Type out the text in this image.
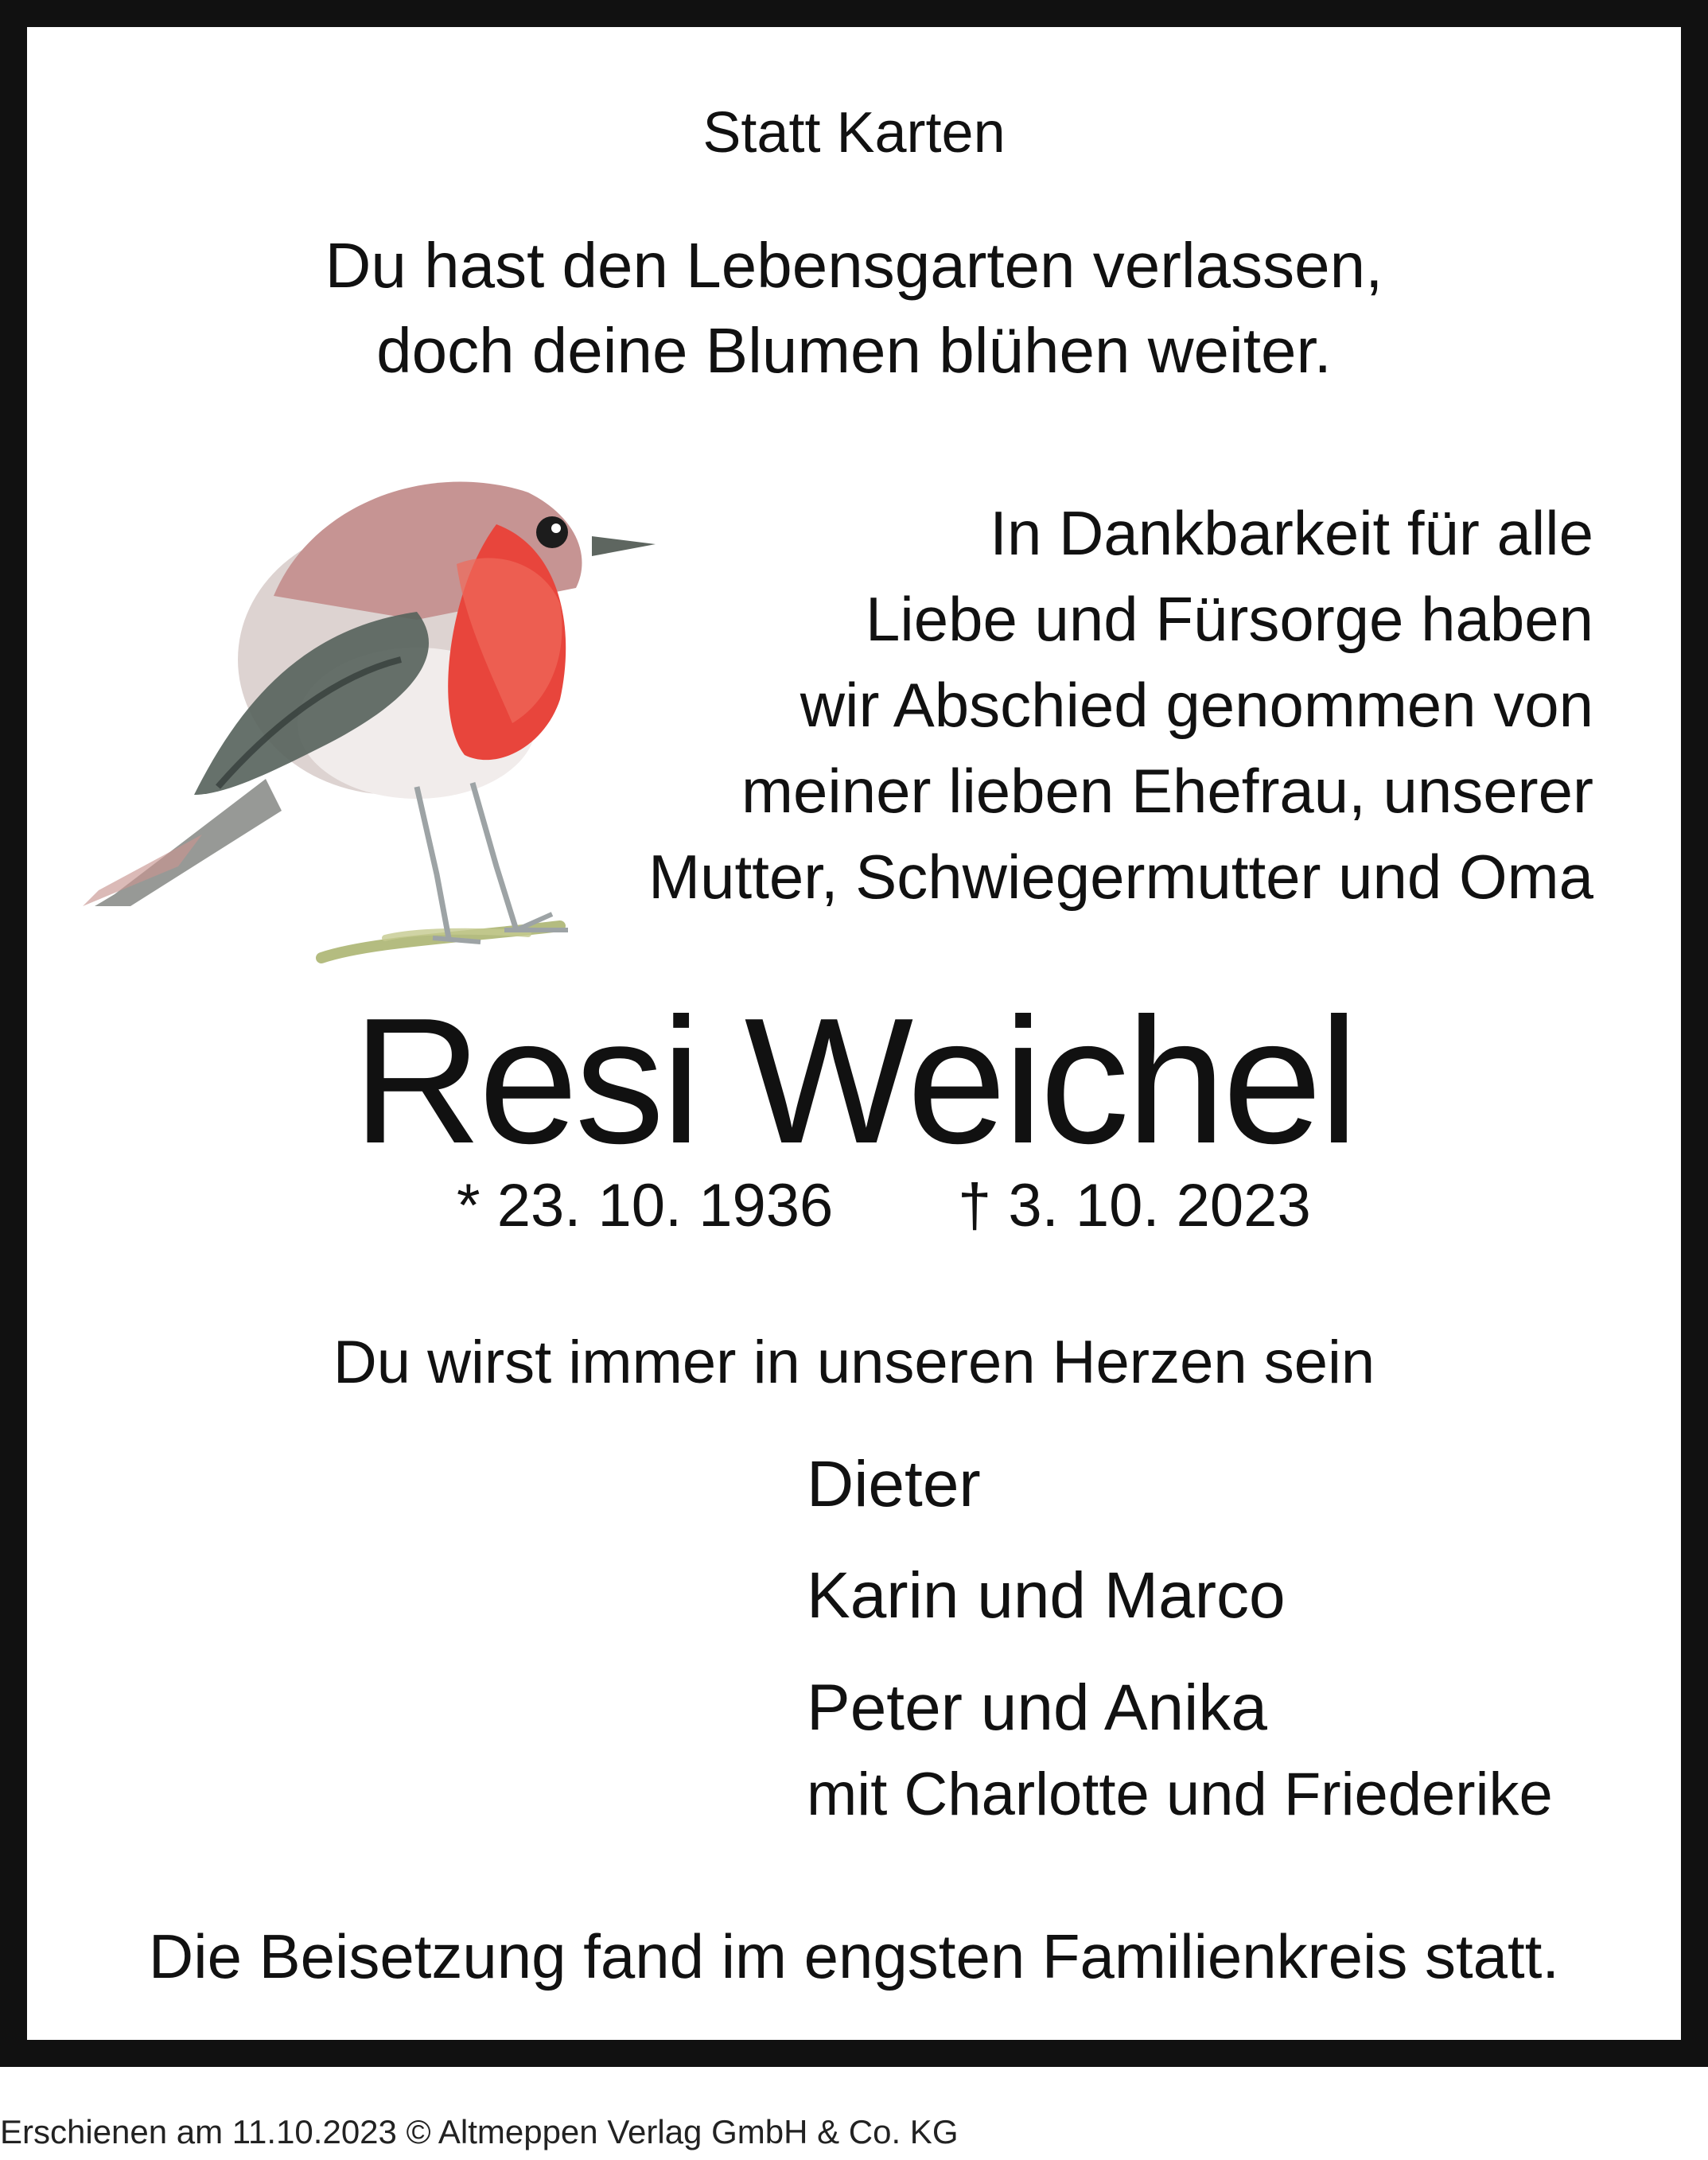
Statt Karten
Du hast den Lebensgarten verlassen,
doch deine Blumen blühen weiter.
In Dankbarkeit für alle
Liebe und Fürsorge haben
wir Abschied genommen von
meiner lieben Ehefrau, unserer
Mutter, Schwiegermutter und Oma
Resi Weichel
* 23. 10. 1936 † 3. 10. 2023
Du wirst immer in unseren Herzen sein
Dieter
Karin und Marco
Peter und Anika
mit Charlotte und Friederike
Die Beisetzung fand im engsten Familienkreis statt.
Erschienen am 11.10.2023 © Altmeppen Verlag GmbH & Co. KG
